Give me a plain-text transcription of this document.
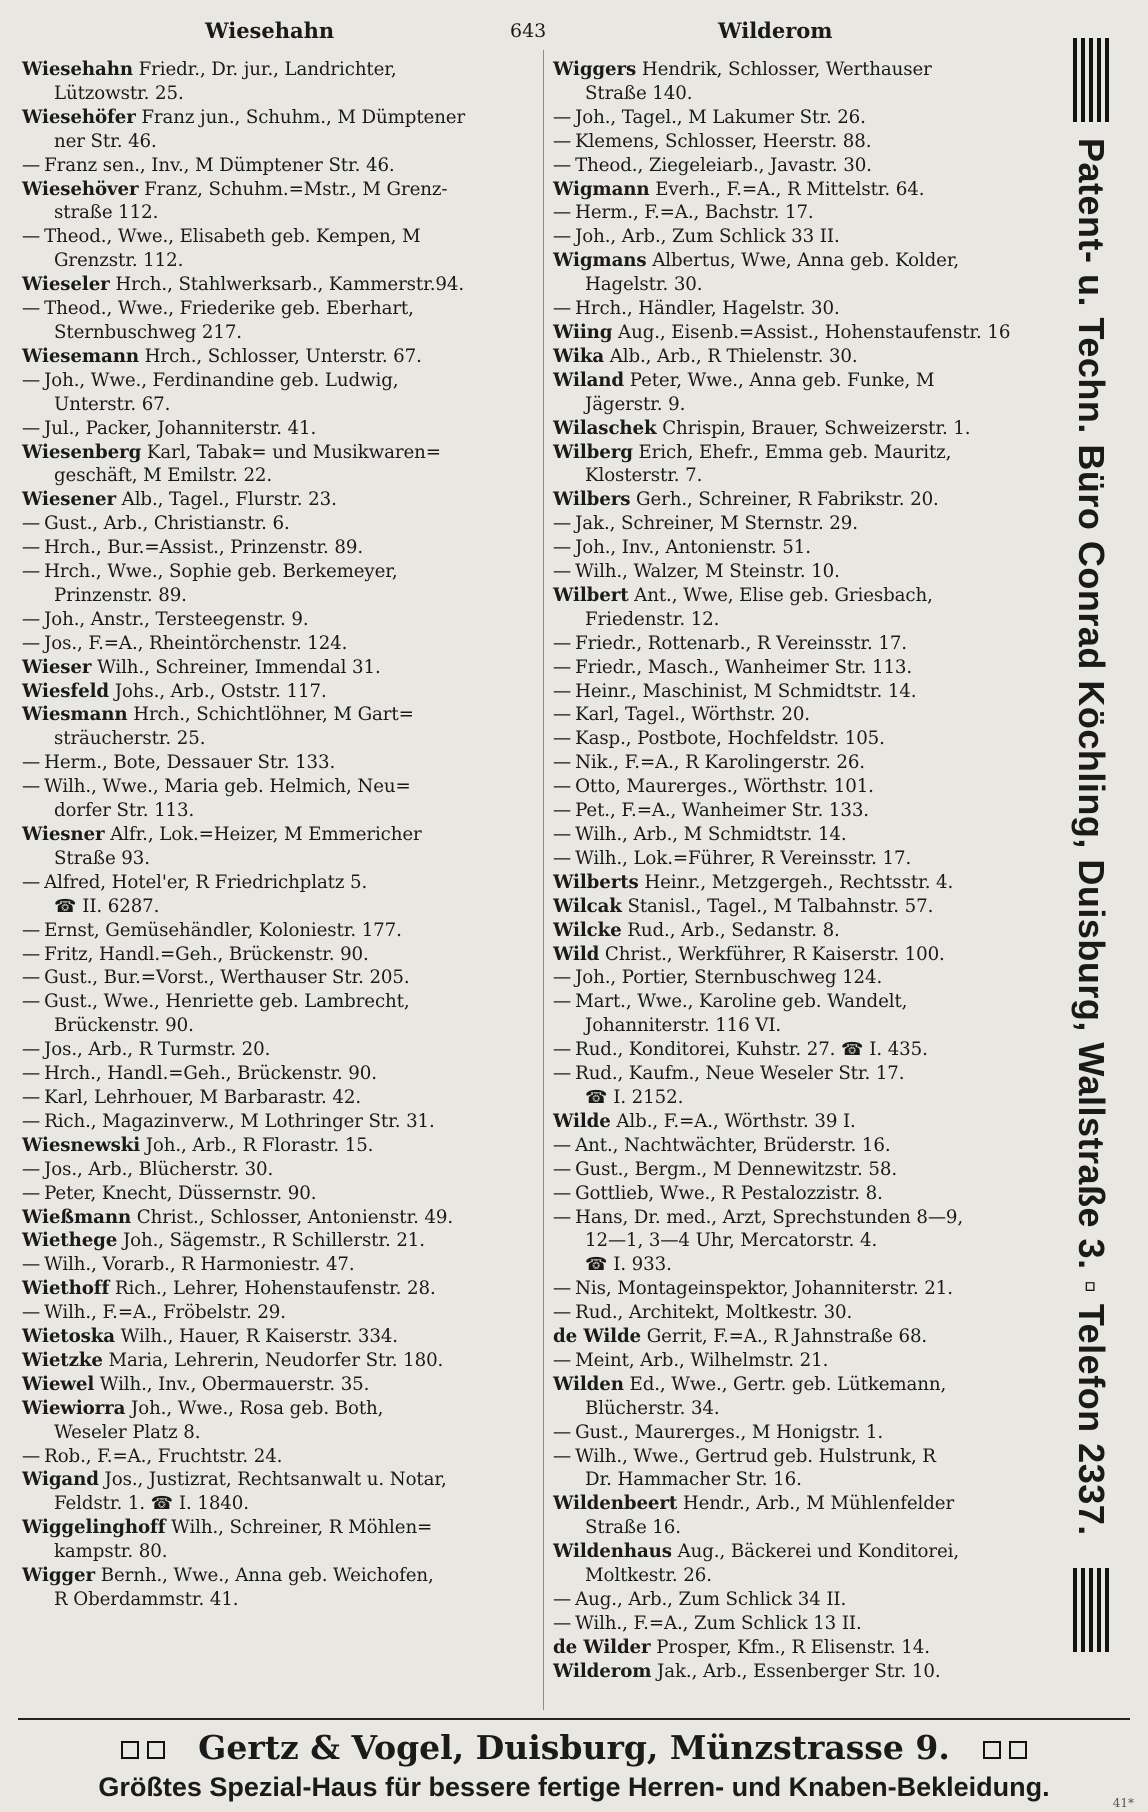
Wiesehahn	643	Wilderom
Wiesehahn Friedr., Dr. jur., Landrichter,
Lützowstr. 25.
Wiesehöfer Franz jun., Schuhm., M Dümptener
ner Str. 46.
— Franz sen., Inv., M Dümptener Str. 46.
Wiesehöver Franz, Schuhm.=Mstr., M Grenz-
straße 112.
— Theod., Wwe., Elisabeth geb. Kempen, M
Grenzstr. 112.
Wieseler Hrch., Stahlwerksarb., Kammerstr.94.
— Theod., Wwe., Friederike geb. Eberhart,
Sternbuschweg 217.
Wiesemann Hrch., Schlosser, Unterstr. 67.
— Joh., Wwe., Ferdinandine geb. Ludwig,
Unterstr. 67.
— Jul., Packer, Johanniterstr. 41.
Wiesenberg Karl, Tabak= und Musikwaren=
geschäft, M Emilstr. 22.
Wiesener Alb., Tagel., Flurstr. 23.
— Gust., Arb., Christianstr. 6.
— Hrch., Bur.=Assist., Prinzenstr. 89.
— Hrch., Wwe., Sophie geb. Berkemeyer,
Prinzenstr. 89.
— Joh., Anstr., Tersteegenstr. 9.
— Jos., F.=A., Rheintörchenstr. 124.
Wieser Wilh., Schreiner, Immendal 31.
Wiesfeld Johs., Arb., Oststr. 117.
Wiesmann Hrch., Schichtlöhner, M Gart=
sträucherstr. 25.
— Herm., Bote, Dessauer Str. 133.
— Wilh., Wwe., Maria geb. Helmich, Neu=
dorfer Str. 113.
Wiesner Alfr., Lok.=Heizer, M Emmericher
Straße 93.
— Alfred, Hotel'er, R Friedrichplatz 5.
☎ II. 6287.
— Ernst, Gemüsehändler, Koloniestr. 177.
— Fritz, Handl.=Geh., Brückenstr. 90.
— Gust., Bur.=Vorst., Werthauser Str. 205.
— Gust., Wwe., Henriette geb. Lambrecht,
Brückenstr. 90.
— Jos., Arb., R Turmstr. 20.
— Hrch., Handl.=Geh., Brückenstr. 90.
— Karl, Lehrhouer, M Barbarastr. 42.
— Rich., Magazinverw., M Lothringer Str. 31.
Wiesnewski Joh., Arb., R Florastr. 15.
— Jos., Arb., Blücherstr. 30.
— Peter, Knecht, Düssernstr. 90.
Wießmann Christ., Schlosser, Antonienstr. 49.
Wiethege Joh., Sägemstr., R Schillerstr. 21.
— Wilh., Vorarb., R Harmoniestr. 47.
Wiethoff Rich., Lehrer, Hohenstaufenstr. 28.
— Wilh., F.=A., Fröbelstr. 29.
Wietoska Wilh., Hauer, R Kaiserstr. 334.
Wietzke Maria, Lehrerin, Neudorfer Str. 180.
Wiewel Wilh., Inv., Obermauerstr. 35.
Wiewiorra Joh., Wwe., Rosa geb. Both,
Weseler Platz 8.
— Rob., F.=A., Fruchtstr. 24.
Wigand Jos., Justizrat, Rechtsanwalt u. Notar,
Feldstr. 1. ☎ I. 1840.
Wiggelinghoff Wilh., Schreiner, R Möhlen=
kampstr. 80.
Wigger Bernh., Wwe., Anna geb. Weichofen,
R Oberdammstr. 41.
Wiggers Hendrik, Schlosser, Werthauser
Straße 140.
— Joh., Tagel., M Lakumer Str. 26.
— Klemens, Schlosser, Heerstr. 88.
— Theod., Ziegeleiarb., Javastr. 30.
Wigmann Everh., F.=A., R Mittelstr. 64.
— Herm., F.=A., Bachstr. 17.
— Joh., Arb., Zum Schlick 33 II.
Wigmans Albertus, Wwe, Anna geb. Kolder,
Hagelstr. 30.
— Hrch., Händler, Hagelstr. 30.
Wiing Aug., Eisenb.=Assist., Hohenstaufenstr. 16
Wika Alb., Arb., R Thielenstr. 30.
Wiland Peter, Wwe., Anna geb. Funke, M
Jägerstr. 9.
Wilaschek Chrispin, Brauer, Schweizerstr. 1.
Wilberg Erich, Ehefr., Emma geb. Mauritz,
Klosterstr. 7.
Wilbers Gerh., Schreiner, R Fabrikstr. 20.
— Jak., Schreiner, M Sternstr. 29.
— Joh., Inv., Antonienstr. 51.
— Wilh., Walzer, M Steinstr. 10.
Wilbert Ant., Wwe, Elise geb. Griesbach,
Friedenstr. 12.
— Friedr., Rottenarb., R Vereinsstr. 17.
— Friedr., Masch., Wanheimer Str. 113.
— Heinr., Maschinist, M Schmidtstr. 14.
— Karl, Tagel., Wörthstr. 20.
— Kasp., Postbote, Hochfeldstr. 105.
— Nik., F.=A., R Karolingerstr. 26.
— Otto, Maurerges., Wörthstr. 101.
— Pet., F.=A., Wanheimer Str. 133.
— Wilh., Arb., M Schmidtstr. 14.
— Wilh., Lok.=Führer, R Vereinsstr. 17.
Wilberts Heinr., Metzgergeh., Rechtsstr. 4.
Wilcak Stanisl., Tagel., M Talbahnstr. 57.
Wilcke Rud., Arb., Sedanstr. 8.
Wild Christ., Werkführer, R Kaiserstr. 100.
— Joh., Portier, Sternbuschweg 124.
— Mart., Wwe., Karoline geb. Wandelt,
Johanniterstr. 116 VI.
— Rud., Konditorei, Kuhstr. 27. ☎ I. 435.
— Rud., Kaufm., Neue Weseler Str. 17.
☎ I. 2152.
Wilde Alb., F.=A., Wörthstr. 39 I.
— Ant., Nachtwächter, Brüderstr. 16.
— Gust., Bergm., M Dennewitzstr. 58.
— Gottlieb, Wwe., R Pestalozzistr. 8.
— Hans, Dr. med., Arzt, Sprechstunden 8—9,
12—1, 3—4 Uhr, Mercatorstr. 4.
☎ I. 933.
— Nis, Montageinspektor, Johanniterstr. 21.
— Rud., Architekt, Moltkestr. 30.
de Wilde Gerrit, F.=A., R Jahnstraße 68.
— Meint, Arb., Wilhelmstr. 21.
Wilden Ed., Wwe., Gertr. geb. Lütkemann,
Blücherstr. 34.
— Gust., Maurerges., M Honigstr. 1.
— Wilh., Wwe., Gertrud geb. Hulstrunk, R
Dr. Hammacher Str. 16.
Wildenbeert Hendr., Arb., M Mühlenfelder
Straße 16.
Wildenhaus Aug., Bäckerei und Konditorei,
Moltkestr. 26.
— Aug., Arb., Zum Schlick 34 II.
— Wilh., F.=A., Zum Schlick 13 II.
de Wilder Prosper, Kfm., R Elisenstr. 14.
Wilderom Jak., Arb., Essenberger Str. 10.
Patent- u. Techn. Büro Conrad Köchling, Duisburg, Wallstraße 3. ▫ Telefon 2337.
Gertz & Vogel, Duisburg, Münzstrasse 9.
Größtes Spezial-Haus für bessere fertige Herren- und Knaben-Bekleidung.
41*
